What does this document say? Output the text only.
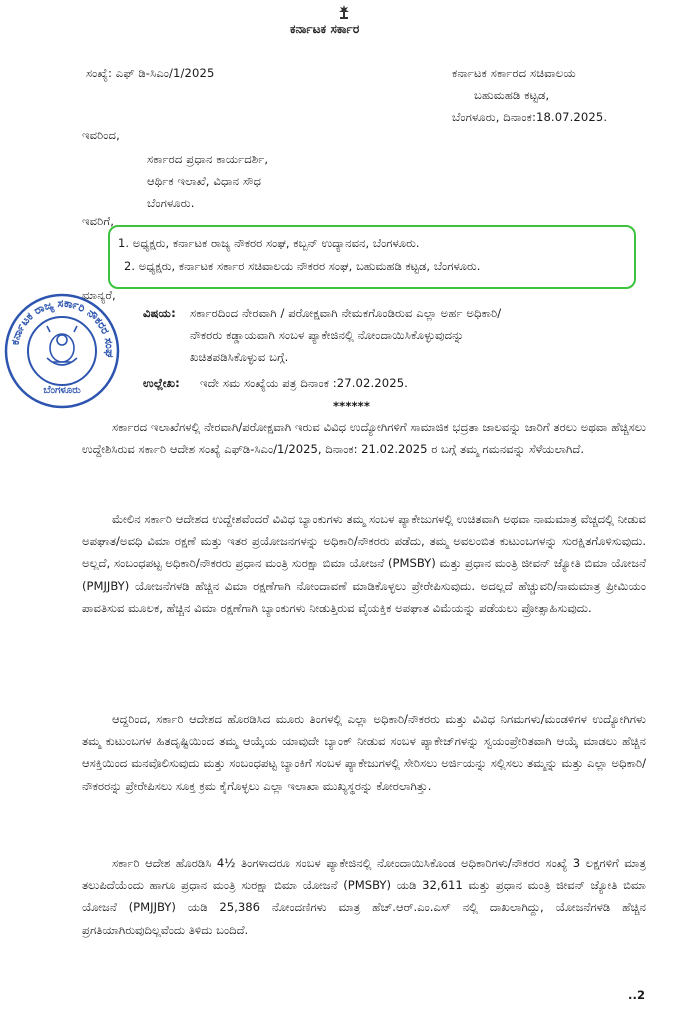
ಕರ್ನಾಟಕ ಸರ್ಕಾರ
ಸಂಖ್ಯೆ: ಎಫ್ ಡಿ-ಸಿಎಂ/1/2025	ಕರ್ನಾಟಕ ಸರ್ಕಾರದ ಸಚಿವಾಲಯ
ಬಹುಮಹಡಿ ಕಟ್ಟಡ,
ಬೆಂಗಳೂರು, ದಿನಾಂಕ:18.07.2025.
ಇವರಿಂದ,
ಸರ್ಕಾರದ ಪ್ರಧಾನ ಕಾರ್ಯದರ್ಶಿ,
ಆರ್ಥಿಕ ಇಲಾಖೆ, ವಿಧಾನ ಸೌಧ
ಬೆಂಗಳೂರು.
ಇವರಿಗೆ,
1. ಅಧ್ಯಕ್ಷರು, ಕರ್ನಾಟಕ ರಾಜ್ಯ ನೌಕರರ ಸಂಘ, ಕಬ್ಬನ್ ಉದ್ಯಾನವನ, ಬೆಂಗಳೂರು.
2. ಅಧ್ಯಕ್ಷರು, ಕರ್ನಾಟಕ ಸರ್ಕಾರ ಸಚಿವಾಲಯ ನೌಕರರ ಸಂಘ, ಬಹುಮಹಡಿ ಕಟ್ಟಡ, ಬೆಂಗಳೂರು.
ಮಾನ್ಯರೆ,
ಕರ್ನಾಟಕ ರಾಜ್ಯ ಸರ್ಕಾರಿ ನೌಕರರ ಸಂಘ
ಬೆಂಗಳೂರು
ವಿಷಯ: ಸರ್ಕಾರದಿಂದ ನೇರವಾಗಿ / ಪರೋಕ್ಷವಾಗಿ ನೇಮಕಗೊಂಡಿರುವ ಎಲ್ಲಾ ಅರ್ಹ ಅಧಿಕಾರಿ/
ನೌಕರರು ಕಡ್ಡಾಯವಾಗಿ ಸಂಬಳ ಪ್ಯಾಕೇಜಿನಲ್ಲಿ ನೋಂದಾಯಿಸಿಕೊಳ್ಳುವುದನ್ನು
ಖಚಿತಪಡಿಸಿಕೊಳ್ಳುವ ಬಗ್ಗೆ.
ಉಲ್ಲೇಖ: ಇದೇ ಸಮ ಸಂಖ್ಯೆಯ ಪತ್ರ ದಿನಾಂಕ :27.02.2025.
******
ಸರ್ಕಾರದ ಇಲಾಖೆಗಳಲ್ಲಿ ನೇರವಾಗಿ/ಪರೋಕ್ಷವಾಗಿ ಇರುವ ವಿವಿಧ ಉದ್ಯೋಗಿಗಳಿಗೆ ಸಾಮಾಜಿಕ ಭದ್ರತಾ ಜಾಲವನ್ನು ಜಾರಿಗೆ ತರಲು ಅಥವಾ ಹೆಚ್ಚಿಸಲು ಉದ್ದೇಶಿಸಿರುವ ಸರ್ಕಾರಿ ಆದೇಶ ಸಂಖ್ಯೆ ಎಫ್‌ಡಿ-ಸಿಎಂ/1/2025, ದಿನಾಂಕ: 21.02.2025 ರ ಬಗ್ಗೆ ತಮ್ಮ ಗಮನವನ್ನು ಸೆಳೆಯಲಾಗಿದೆ.
ಮೇಲಿನ ಸರ್ಕಾರಿ ಆದೇಶದ ಉದ್ದೇಶವೆಂದರೆ ವಿವಿಧ ಬ್ಯಾಂಕುಗಳು ತಮ್ಮ ಸಂಬಳ ಪ್ಯಾಕೇಜುಗಳಲ್ಲಿ ಉಚಿತವಾಗಿ ಅಥವಾ ನಾಮಮಾತ್ರ ವೆಚ್ಚದಲ್ಲಿ ನೀಡುವ ಅಪಘಾತ/ಅವಧಿ ವಿಮಾ ರಕ್ಷಣೆ ಮತ್ತು ಇತರ ಪ್ರಯೋಜನಗಳನ್ನು ಅಧಿಕಾರಿ/ನೌಕರರು ಪಡೆದು, ತಮ್ಮ ಅವಲಂಬಿತ ಕುಟುಂಬಗಳನ್ನು ಸುರಕ್ಷಿತಗೊಳಿಸುವುದು. ಅಲ್ಲದೆ, ಸಂಬಂಧಪಟ್ಟ ಅಧಿಕಾರಿ/ನೌಕರರು ಪ್ರಧಾನ ಮಂತ್ರಿ ಸುರಕ್ಷಾ ಬಿಮಾ ಯೋಜನೆ (PMSBY) ಮತ್ತು ಪ್ರಧಾನ ಮಂತ್ರಿ ಜೀವನ್ ಜ್ಯೋತಿ ಬಿಮಾ ಯೋಜನೆ (PMJJBY) ಯೋಜನೆಗಳಡಿ ಹೆಚ್ಚಿನ ವಿಮಾ ರಕ್ಷಣೆಗಾಗಿ ನೋಂದಾವಣೆ ಮಾಡಿಕೊಳ್ಳಲು ಪ್ರೇರೇಪಿಸುವುದು. ಅದಲ್ಲದೆ ಹೆಚ್ಚುವರಿ/ನಾಮಮಾತ್ರ ಪ್ರೀಮಿಯಂ ಪಾವತಿಸುವ ಮೂಲಕ, ಹೆಚ್ಚಿನ ವಿಮಾ ರಕ್ಷಣೆಗಾಗಿ ಬ್ಯಾಂಕುಗಳು ನೀಡುತ್ತಿರುವ ವೈಯಕ್ತಿಕ ಅಪಘಾತ ವಿಮೆಯನ್ನು ಪಡೆಯಲು ಪ್ರೋತ್ಸಾಹಿಸುವುದು.
ಆದ್ದರಿಂದ, ಸರ್ಕಾರಿ ಆದೇಶದ ಹೊರಡಿಸಿದ ಮೂರು ತಿಂಗಳಲ್ಲಿ ಎಲ್ಲಾ ಅಧಿಕಾರಿ/ನೌಕರರು ಮತ್ತು ವಿವಿಧ ನಿಗಮಗಳು/ಮಂಡಳಿಗಳ ಉದ್ಯೋಗಿಗಳು ತಮ್ಮ ಕುಟುಂಬಗಳ ಹಿತದೃಷ್ಟಿಯಿಂದ ತಮ್ಮ ಆಯ್ಕೆಯ ಯಾವುದೇ ಬ್ಯಾಂಕ್ ನೀಡುವ ಸಂಬಳ ಪ್ಯಾಕೇಜ್‌ಗಳನ್ನು ಸ್ವಯಂಪ್ರೇರಿತವಾಗಿ ಆಯ್ಕೆ ಮಾಡಲು ಹೆಚ್ಚಿನ ಆಸಕ್ತಿಯಿಂದ ಮನವೊಲಿಸುವುದು ಮತ್ತು ಸಂಬಂಧಪಟ್ಟ ಬ್ಯಾಂಕಿಗೆ ಸಂಬಳ ಪ್ಯಾಕೇಜುಗಳಲ್ಲಿ ಸೇರಿಸಲು ಅರ್ಜಿಯನ್ನು ಸಲ್ಲಿಸಲು ತಮ್ಮನ್ನು ಮತ್ತು ಎಲ್ಲಾ ಅಧಿಕಾರಿ/ನೌಕರರನ್ನು ಪ್ರೇರೇಪಿಸಲು ಸೂಕ್ತ ಕ್ರಮ ಕೈಗೊಳ್ಳಲು ಎಲ್ಲಾ ಇಲಾಖಾ ಮುಖ್ಯಸ್ಥರನ್ನು ಕೋರಲಾಗಿತ್ತು.
ಸರ್ಕಾರಿ ಆದೇಶ ಹೊರಡಿಸಿ 4½ ತಿಂಗಳಾದರೂ ಸಂಬಳ ಪ್ಯಾಕೇಜಿನಲ್ಲಿ ನೋಂದಾಯಿಸಿಕೊಂಡ ಅಧಿಕಾರಿಗಳು/ನೌಕರರ ಸಂಖ್ಯೆ 3 ಲಕ್ಷಗಳಿಗೆ ಮಾತ್ರ ತಲುಪಿದೆಯೆಂದು ಹಾಗೂ ಪ್ರಧಾನ ಮಂತ್ರಿ ಸುರಕ್ಷಾ ಬಿಮಾ ಯೋಜನೆ (PMSBY) ಯಡಿ 32,611 ಮತ್ತು ಪ್ರಧಾನ ಮಂತ್ರಿ ಜೀವನ್ ಜ್ಯೋತಿ ಬಿಮಾ ಯೋಜನೆ (PMJJBY) ಯಡಿ 25,386 ನೋಂದಣಿಗಳು ಮಾತ್ರ ಹೆಚ್.ಆರ್.ಎಂ.ಎಸ್ ನಲ್ಲಿ ದಾಖಲಾಗಿದ್ದು, ಯೋಜನೆಗಳಡಿ ಹೆಚ್ಚಿನ ಪ್ರಗತಿಯಾಗಿರುವುದಿಲ್ಲವೆಂದು ತಿಳಿದು ಬಂದಿದೆ.
..2
